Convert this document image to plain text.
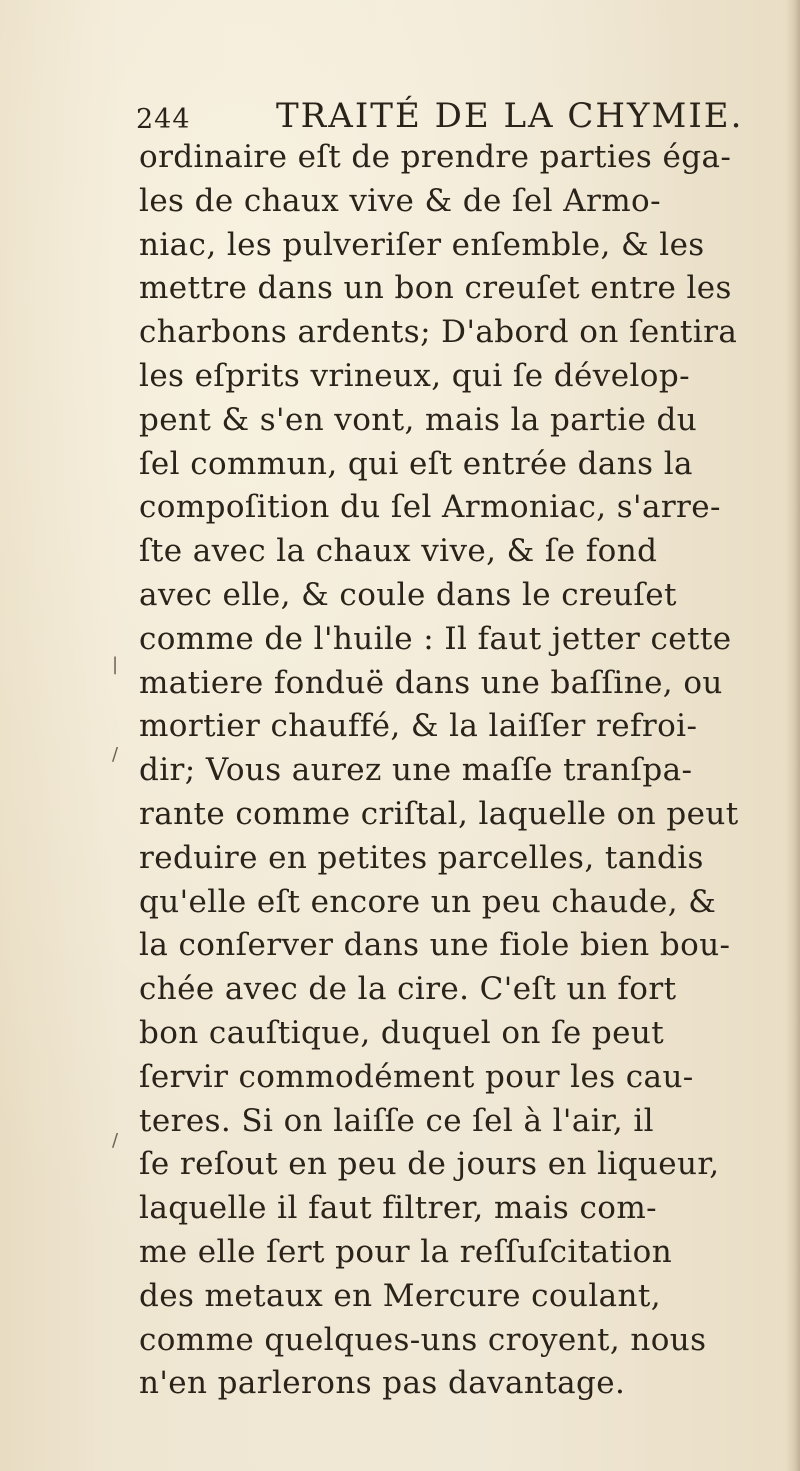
244	TRAITÉ DE LA CHYMIE.
|
/
/
ordinaire eſt de prendre parties éga-
les de chaux vive & de ſel Armo-
niac, les pulveriſer enſemble, & les
mettre dans un bon creuſet entre les
charbons ardents; D'abord on ſentira
les eſprits vrineux, qui ſe dévelop-
pent & s'en vont, mais la partie du
ſel commun, qui eſt entrée dans la
compoſition du ſel Armoniac, s'arre-
ſte avec la chaux vive, & ſe fond
avec elle, & coule dans le creuſet
comme de l'huile : Il faut jetter cette
matiere fonduë dans une baſſine, ou
mortier chauffé, & la laiſſer refroi-
dir; Vous aurez une maſſe tranſpa-
rante comme criſtal, laquelle on peut
reduire en petites parcelles, tandis
qu'elle eſt encore un peu chaude, &
la conſerver dans une fiole bien bou-
chée avec de la cire. C'eſt un fort
bon cauſtique, duquel on ſe peut
ſervir commodément pour les cau-
teres. Si on laiſſe ce ſel à l'air, il
ſe reſout en peu de jours en liqueur,
laquelle il faut filtrer, mais com-
me elle ſert pour la reſſuſcitation
des metaux en Mercure coulant,
comme quelques-uns croyent, nous
n'en parlerons pas davantage.
